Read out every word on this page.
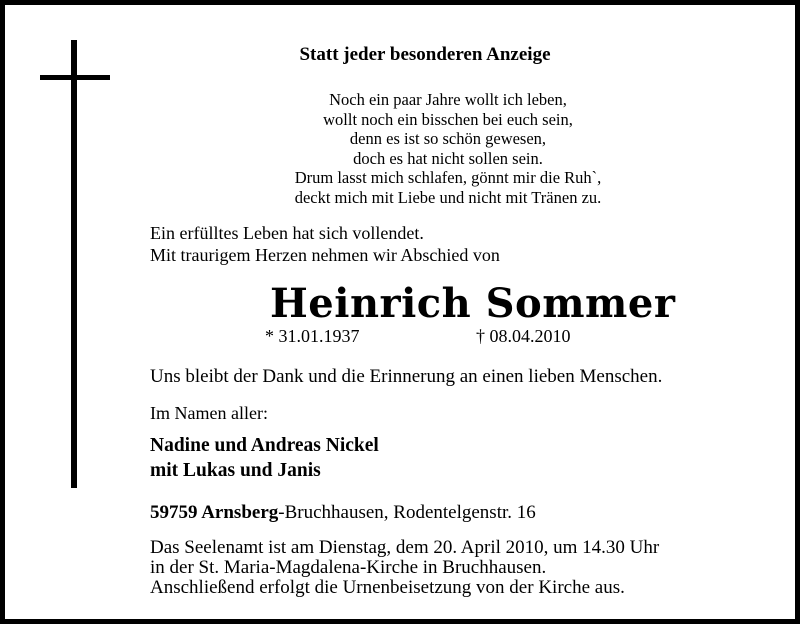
Statt jeder besonderen Anzeige
Noch ein paar Jahre wollt ich leben,
wollt noch ein bisschen bei euch sein,
denn es ist so schön gewesen,
doch es hat nicht sollen sein.
Drum lasst mich schlafen, gönnt mir die Ruh`,
deckt mich mit Liebe und nicht mit Tränen zu.
Ein erfülltes Leben hat sich vollendet.
Mit traurigem Herzen nehmen wir Abschied von
Heinrich Sommer
* 31.01.1937	† 08.04.2010
Uns bleibt der Dank und die Erinnerung an einen lieben Menschen.
Im Namen aller:
Nadine und Andreas Nickel
mit Lukas und Janis
59759 Arnsberg-Bruchhausen, Rodentelgenstr. 16
Das Seelenamt ist am Dienstag, dem 20. April 2010, um 14.30 Uhr
in der St. Maria-Magdalena-Kirche in Bruchhausen.
Anschließend erfolgt die Urnenbeisetzung von der Kirche aus.
